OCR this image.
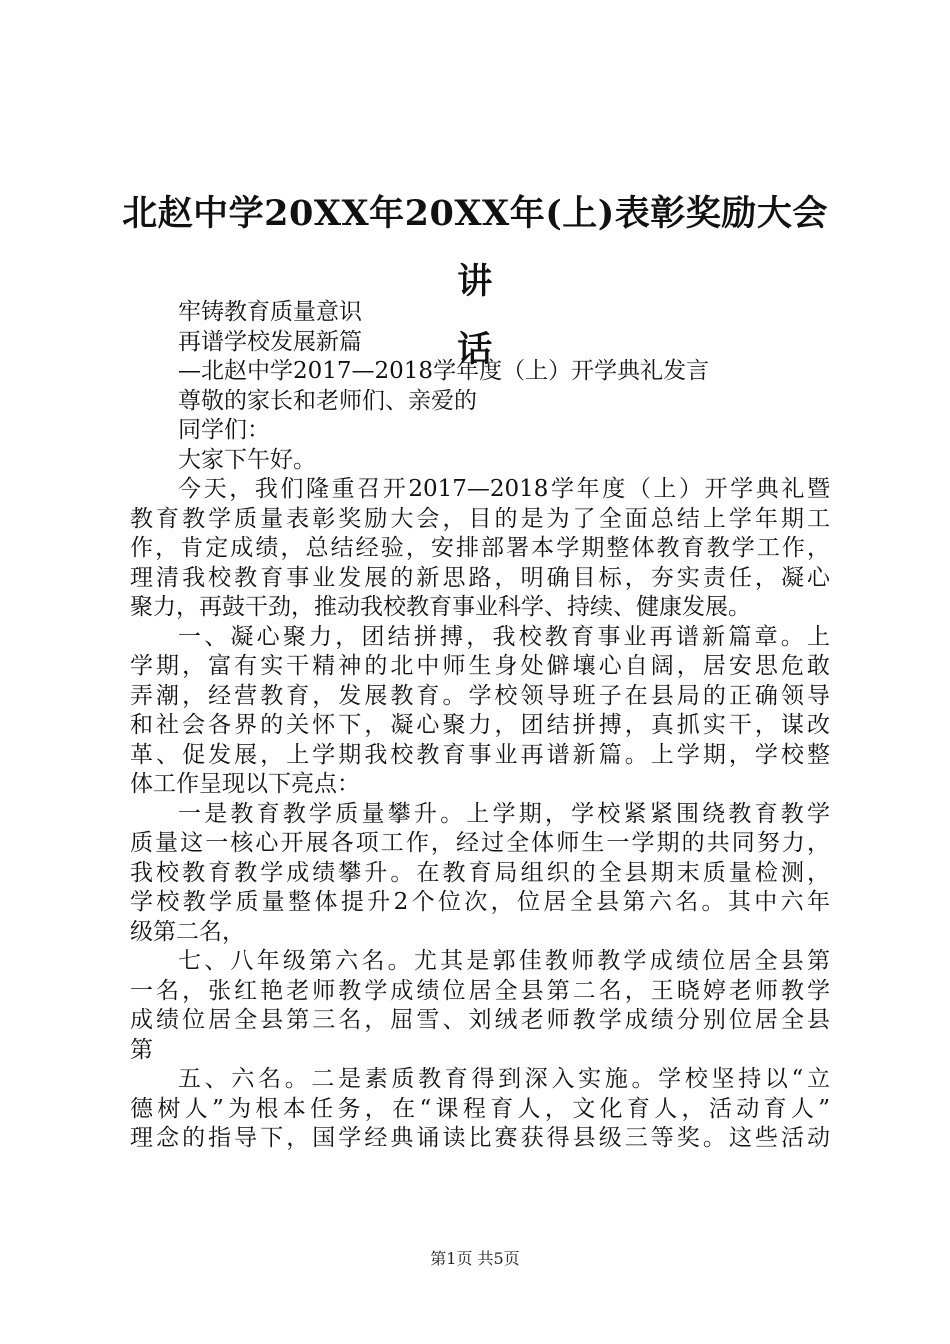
北赵中学20XX年20XX年(上)表彰奖励大会讲
话
牢铸教育质量意识
再谱学校发展新篇
—北赵中学2017—2018学年度（上）开学典礼发言
尊敬的家长和老师们、亲爱的
同学们：
大家下午好。
今天，我们隆重召开2017—2018学年度（上）开学典礼暨
教育教学质量表彰奖励大会，目的是为了全面总结上学年期工
作，肯定成绩，总结经验，安排部署本学期整体教育教学工作，
理清我校教育事业发展的新思路，明确目标，夯实责任，凝心
聚力，再鼓干劲，推动我校教育事业科学、持续、健康发展。
一、凝心聚力，团结拼搏，我校教育事业再谱新篇章。上
学期，富有实干精神的北中师生身处僻壤心自阔，居安思危敢
弄潮，经营教育，发展教育。学校领导班子在县局的正确领导
和社会各界的关怀下，凝心聚力，团结拼搏，真抓实干，谋改
革、促发展，上学期我校教育事业再谱新篇。上学期，学校整
体工作呈现以下亮点：
一是教育教学质量攀升。上学期，学校紧紧围绕教育教学
质量这一核心开展各项工作，经过全体师生一学期的共同努力，
我校教育教学成绩攀升。在教育局组织的全县期末质量检测，
学校教学质量整体提升2个位次，位居全县第六名。其中六年
级第二名，
七、八年级第六名。尤其是郭佳教师教学成绩位居全县第
一名，张红艳老师教学成绩位居全县第二名，王晓婷老师教学
成绩位居全县第三名，屈雪、刘绒老师教学成绩分别位居全县
第
五、六名。二是素质教育得到深入实施。学校坚持以“立
德树人”为根本任务，在“课程育人，文化育人，活动育人”
理念的指导下，国学经典诵读比赛获得县级三等奖。这些活动
第1页 共5页
